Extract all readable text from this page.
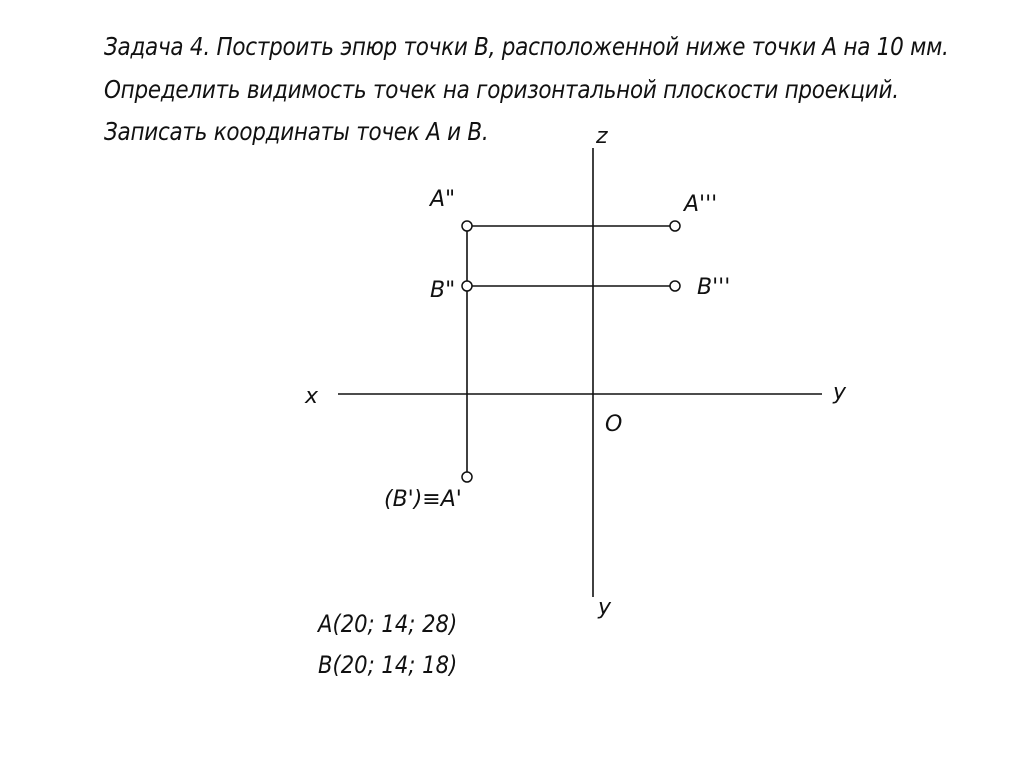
Задача 4. Построить эпюр точки В, расположенной ниже точки А на 10 мм.
Определить видимость точек на горизонтальной плоскости проекций.
Записать координаты точек А и В.	z
x	y
y
O
A"
B"
A'''
B'''
(B')≡A'
A(20; 14; 28)
B(20; 14; 18)
